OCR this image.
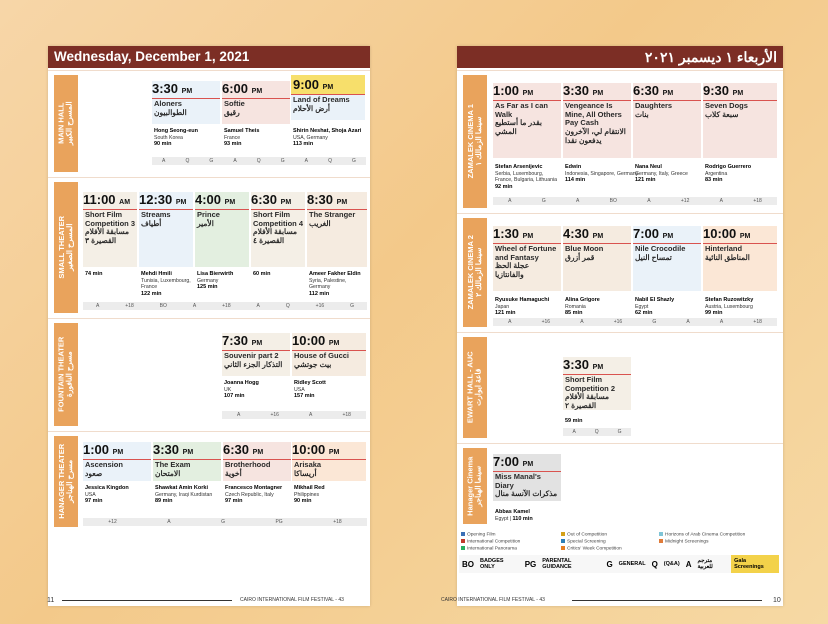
Wednesday, December 1, 2021
MAIN HALL
المسرح الكبير
3:30 PM
Aloners
الطوالبيون
Hong Seong-eun
South Korea
90 min
6:00 PM
Softie
رقيق
Samuel Theis
France
93 min
9:00 PM
Land of Dreams
أرض الأحلام
Shirin Neshat, Shoja Azari
USA, Germany
113 min
A	Q	G	A	Q	G	A	Q	G
SMALL THEATER
المسرح الصغير
11:00 AM
Short Film Competition 3
مسابقة الأفلام القصيرة ٣
74 min
12:30 PM
Streams
أطياف
Mehdi Hmili
Tunisia, Luxembourg, France
122 min
4:00 PM
Prince
الأمير
Lisa Bierwirth
Germany
125 min
6:30 PM
Short Film Competition 4
مسابقة الأفلام القصيرة ٤
60 min
8:30 PM
The Stranger
الغريب
Ameer Fakher Eldin
Syria, Palestine, Germany
112 min
A	+18	BO	A	+18	A	Q	+16	G
FOUNTAIN THEATER
مسرح النافورة
7:30 PM
Souvenir part 2
التذكار الجزء الثاني
Joanna Hogg
UK
107 min
10:00 PM
House of Gucci
بيت جوتشي
Ridley Scott
USA
157 min
A	+16	A	+18
HANAGER THEATER
مسرح الهناجر
1:00 PM
Ascension
صعود
Jessica Kingdon
USA
97 min
3:30 PM
The Exam
الامتحان
Shawkat Amin Korki
Germany, Iraqi Kurdistan
89 min
6:30 PM
Brotherhood
أخوية
Francesco Montagner
Czech Republic, Italy
97 min
10:00 PM
Arisaka
أريساكا
Mikhail Red
Philippines
90 min
+12	A	G	PG	+18
الأربعاء ١ ديسمبر ٢٠٢١
ZAMALEK CINEMA 1
سينما الزمالك ١
1:00 PM
As Far as I can Walk
بقدر ما أستطيع المشي
Stefan Arsenijevic
Serbia, Luxembourg, France, Bulgaria, Lithuania
92 min
3:30 PM
Vengeance Is Mine, All Others Pay Cash
الانتقام لي، الآخرون يدفعون نقدا
Edwin
Indonesia, Singapore, Germany
114 min
6:30 PM
Daughters
بنات
Nana Neul
Germany, Italy, Greece
121 min
9:30 PM
Seven Dogs
سبعة كلاب
Rodrigo Guerrero
Argentina
83 min
A	G	A	BO	A	+12	A	+18
ZAMALEK CINEMA 2
سينما الزمالك ٢
1:30 PM
Wheel of Fortune and Fantasy
عجلة الحظ والفانتازيا
Ryusuke Hamaguchi
Japan
121 min
4:30 PM
Blue Moon
قمر أزرق
Alina Grigore
Romania
85 min
7:00 PM
Nile Crocodile
تمساح النيل
Nabil El Shazly
Egypt
62 min
10:00 PM
Hinterland
المناطق النائية
Stefan Ruzowitzky
Austria, Luxembourg
99 min
A	+16	A	+16	G	A	A	+18
EWART HALL - AUC
قاعة ايوارت
3:30 PM
Short Film Competition 2
مسابقة الأفلام القصيرة ٢
59 min
A	Q	G
Hanager Cinema
سينما الهناجر
7:00 PM
Miss Manal's Diary
مذكرات الآنسة منال
Abbas Kamel
Egypt | 110 min
Opening Film
International Competition
International Panorama
Out of Competition
Special Screening
Critics' Week Competition
Horizons of Arab Cinema Competition
Midnight Screenings
BO	BADGES ONLY	PG	PARENTAL GUIDANCE	G	GENERAL Q	(Q&A) A	مترجم للعربية
Gala Screenings
11	CAIRO INTERNATIONAL FILM FESTIVAL - 43	CAIRO INTERNATIONAL FILM FESTIVAL - 43	10
